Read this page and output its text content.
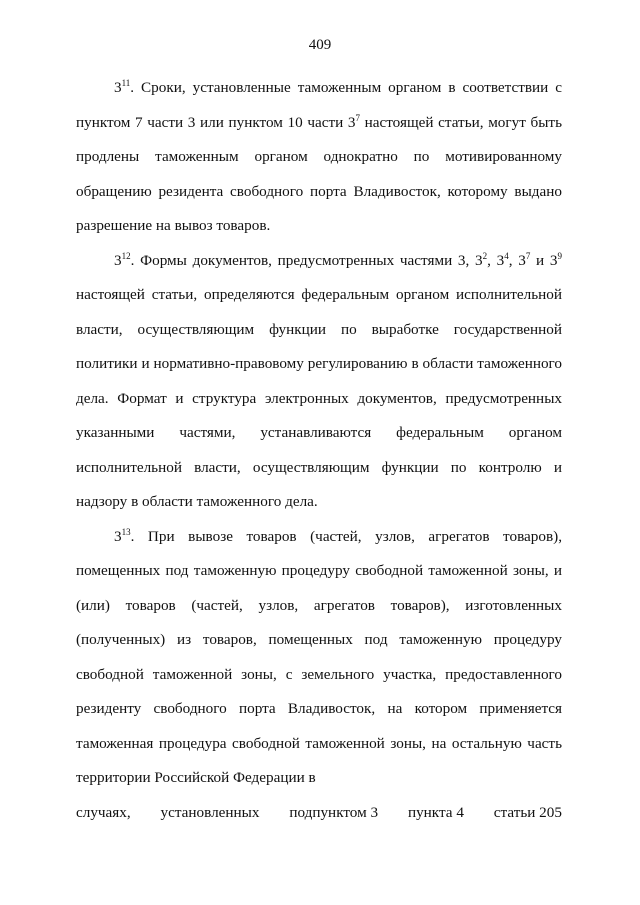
409

$3^{11}$. Сроки, установленные таможенным органом в соответствии с пунктом 7 части 3 или пунктом 10 части $3^7$ настоящей статьи, могут быть продлены таможенным органом однократно по мотивированному обращению резидента свободного порта Владивосток, которому выдано разрешение на вывоз товаров.

$3^{12}$. Формы документов, предусмотренных частями 3, $3^2$, $3^4$, $3^7$ и $3^9$ настоящей статьи, определяются федеральным органом исполнительной власти, осуществляющим функции по выработке государственной политики и нормативно-правовому регулированию в области таможенного дела. Формат и структура электронных документов, предусмотренных указанными частями, устанавливаются федеральным органом исполнительной власти, осуществляющим функции по контролю и надзору в области таможенного дела.

$3^{13}$. При вывозе товаров (частей, узлов, агрегатов товаров), помещенных под таможенную процедуру свободной таможенной зоны, и (или) товаров (частей, узлов, агрегатов товаров), изготовленных (полученных) из товаров, помещенных под таможенную процедуру свободной таможенной зоны, с земельного участка, предоставленного резиденту свободного порта Владивосток, на котором применяется таможенная процедура свободной таможенной зоны, на остальную часть территории Российской Федерации в

случаях, установленных подпунктом 3 пункта 4 статьи 205
